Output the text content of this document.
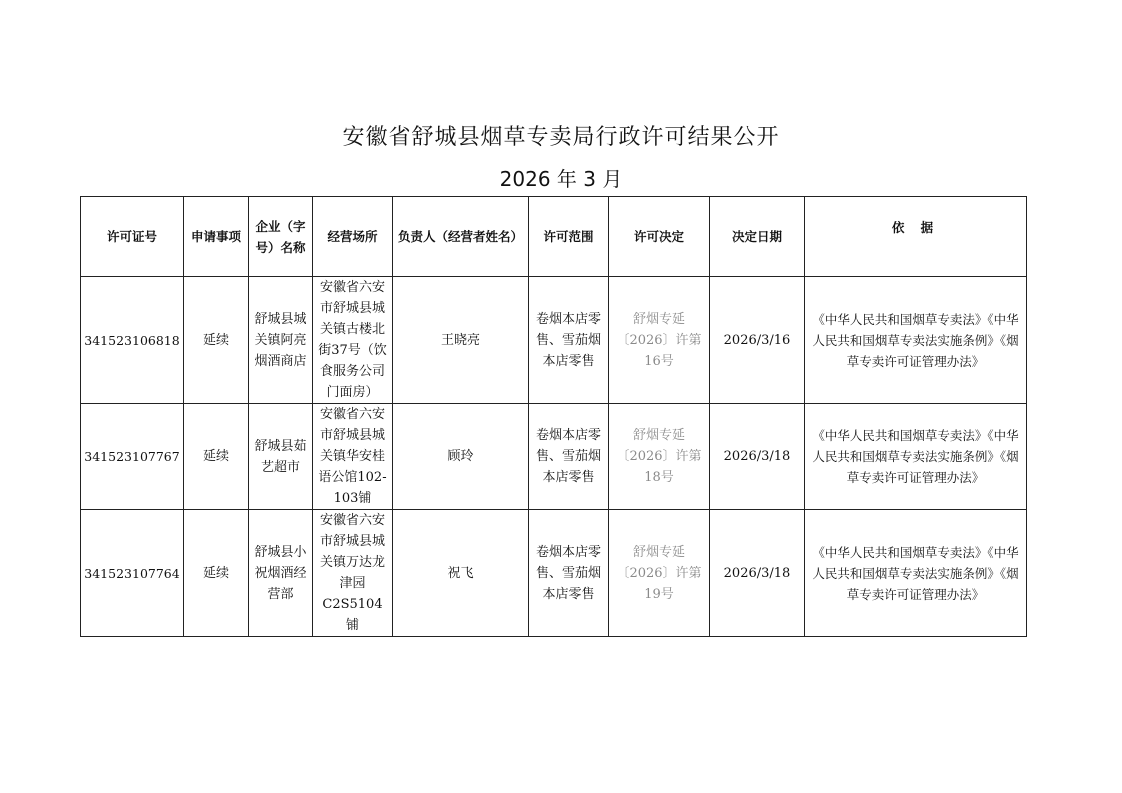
安徽省舒城县烟草专卖局行政许可结果公开
2026 年 3 月
许可证号	申请事项	企业（字号）名称	经营场所	负责人（经营者姓名）	许可范围	许可决定	决定日期	依 据
341523106818	延续	舒城县城关镇阿亮烟酒商店	安徽省六安市舒城县城关镇古楼北街37号（饮食服务公司门面房）	王晓亮	卷烟本店零售、雪茄烟本店零售	舒烟专延〔2026〕许第16号	2026/3/16	《中华人民共和国烟草专卖法》《中华人民共和国烟草专卖法实施条例》《烟草专卖许可证管理办法》
341523107767	延续	舒城县茹艺超市	安徽省六安市舒城县城关镇华安桂语公馆102-103铺	顾玲	卷烟本店零售、雪茄烟本店零售	舒烟专延〔2026〕许第18号	2026/3/18	《中华人民共和国烟草专卖法》《中华人民共和国烟草专卖法实施条例》《烟草专卖许可证管理办法》
341523107764	延续	舒城县小祝烟酒经营部	安徽省六安市舒城县城关镇万达龙津园C2S5104铺	祝飞	卷烟本店零售、雪茄烟本店零售	舒烟专延〔2026〕许第19号	2026/3/18	《中华人民共和国烟草专卖法》《中华人民共和国烟草专卖法实施条例》《烟草专卖许可证管理办法》
